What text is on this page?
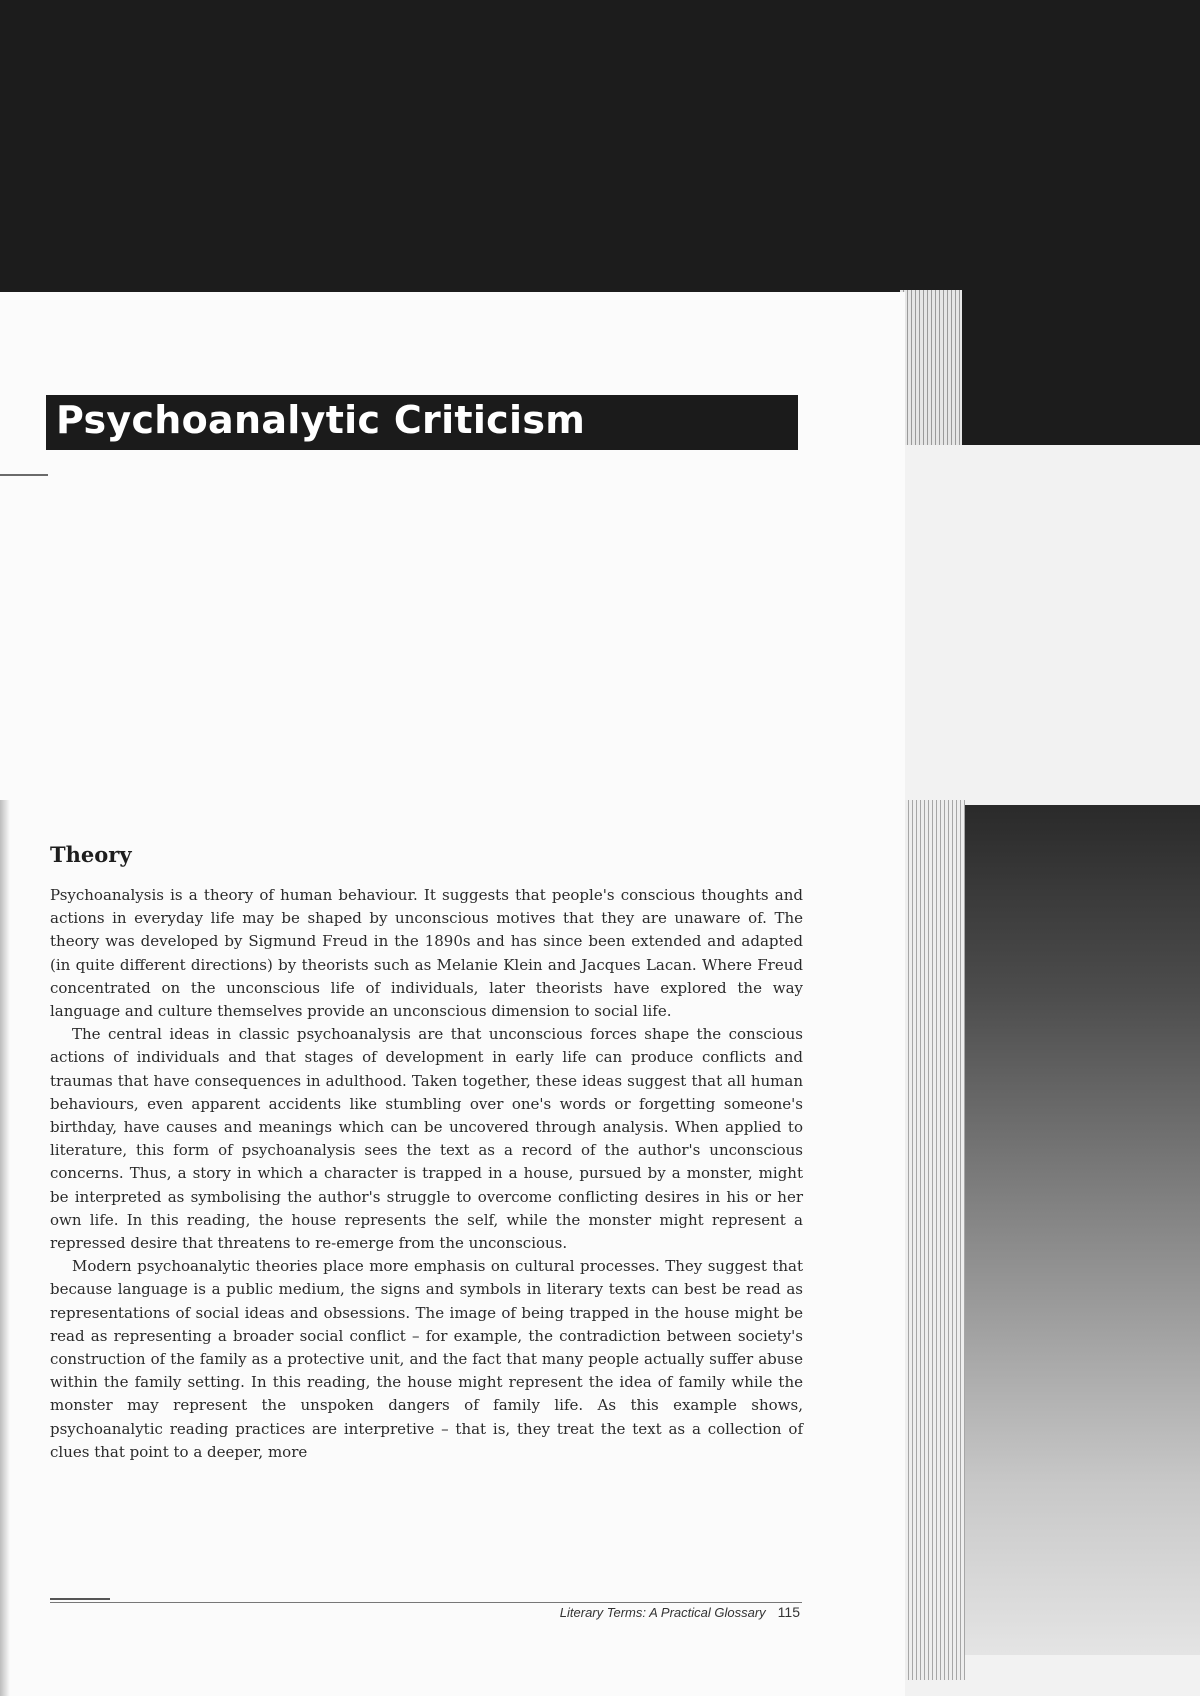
Psychoanalytic Criticism
Theory

Psychoanalysis is a theory of human behaviour. It suggests that people's conscious thoughts and actions in everyday life may be shaped by unconscious motives that they are unaware of. The theory was developed by Sigmund Freud in the 1890s and has since been extended and adapted (in quite different directions) by theorists such as Melanie Klein and Jacques Lacan. Where Freud concentrated on the unconscious life of individuals, later theorists have explored the way language and culture themselves provide an unconscious dimension to social life.

The central ideas in classic psychoanalysis are that unconscious forces shape the conscious actions of individuals and that stages of development in early life can produce conflicts and traumas that have consequences in adulthood. Taken together, these ideas suggest that all human behaviours, even apparent accidents like stumbling over one's words or forgetting someone's birthday, have causes and meanings which can be uncovered through analysis. When applied to literature, this form of psychoanalysis sees the text as a record of the author's unconscious concerns. Thus, a story in which a character is trapped in a house, pursued by a monster, might be interpreted as symbolising the author's struggle to overcome conflicting desires in his or her own life. In this reading, the house represents the self, while the monster might represent a repressed desire that threatens to re-emerge from the unconscious.

Modern psychoanalytic theories place more emphasis on cultural processes. They suggest that because language is a public medium, the signs and symbols in literary texts can best be read as representations of social ideas and obsessions. The image of being trapped in the house might be read as representing a broader social conflict – for example, the contradiction between society's construction of the family as a protective unit, and the fact that many people actually suffer abuse within the family setting. In this reading, the house might represent the idea of family while the monster may represent the unspoken dangers of family life. As this example shows, psychoanalytic reading practices are interpretive – that is, they treat the text as a collection of clues that point to a deeper, more

Literary Terms: A Practical Glossary 115
